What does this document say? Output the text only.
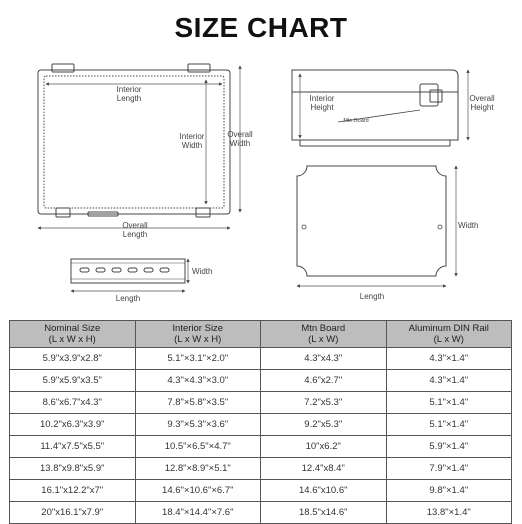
SIZE CHART
Interior
Length
Interior
Width
Overall
Width
Overall
Length
Interior
Height
Overall
Height
Mtn Board
Width
Length
Width
Length
Nominal Size
(L x W x H)	Interior Size
(L x W x H)	Mtn Board
(L x W)	Aluminum DIN Rail
(L x W)

5.9"x3.9"x2.8"	5.1"×3.1"×2.0"	4.3"x4.3"	4.3"×1.4"
5.9"x5.9"x3.5"	4.3"×4.3"×3.0"	4.6"x2.7"	4.3"×1.4"
8.6"x6.7"x4.3"	7.8"×5.8"×3.5"	7.2"x5.3"	5.1"×1.4"
10.2"x6.3"x3.9"	9.3"×5.3"×3.6"	9.2"x5.3"	5.1"×1.4"
11.4"x7.5"x5.5"	10.5"×6.5"×4.7"	10"x6.2"	5.9"×1.4"
13.8"x9.8"x5.9"	12.8"×8.9"×5.1"	12.4"x8.4"	7.9"×1.4"
16.1"x12.2"x7"	14.6"×10.6"×6.7"	14.6"x10.6"	9.8"×1.4"
20"x16.1"x7.9"	18.4"×14.4"×7.6"	18.5"x14.6"	13.8"×1.4"
